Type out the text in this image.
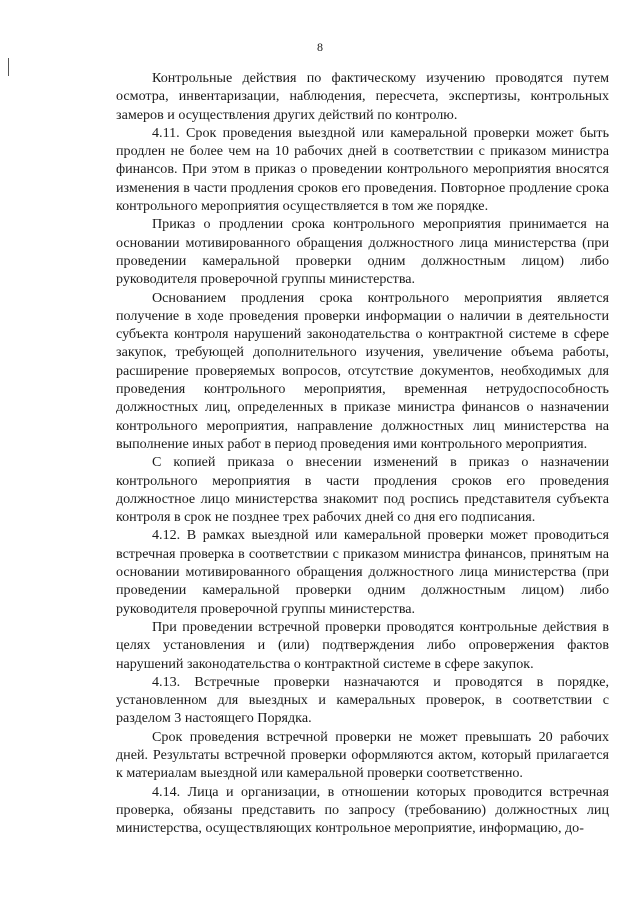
8

Контрольные действия по фактическому изучению проводятся путем осмотра, инвентаризации, наблюдения, пересчета, экспертизы, контрольных замеров и осуществления других действий по контролю.

4.11. Срок проведения выездной или камеральной проверки может быть продлен не более чем на 10 рабочих дней в соответствии с приказом министра финансов. При этом в приказ о проведении контрольного мероприятия вносятся изменения в части продления сроков его проведения. Повторное продление срока контрольного мероприятия осуществляется в том же порядке.

Приказ о продлении срока контрольного мероприятия принимается на основании мотивированного обращения должностного лица министерства (при проведении камеральной проверки одним должностным лицом) либо руководителя проверочной группы министерства.

Основанием продления срока контрольного мероприятия является получение в ходе проведения проверки информации о наличии в деятельности субъекта контроля нарушений законодательства о контрактной системе в сфере закупок, требующей дополнительного изучения, увеличение объема работы, расширение проверяемых вопросов, отсутствие документов, необходимых для проведения контрольного мероприятия, временная нетрудоспособность должностных лиц, определенных в приказе министра финансов о назначении контрольного мероприятия, направление должностных лиц министерства на выполнение иных работ в период проведения ими контрольного мероприятия.

С копией приказа о внесении изменений в приказ о назначении контрольного мероприятия в части продления сроков его проведения должностное лицо министерства знакомит под роспись представителя субъекта контроля в срок не позднее трех рабочих дней со дня его подписания.

4.12. В рамках выездной или камеральной проверки может проводиться встречная проверка в соответствии с приказом министра финансов, принятым на основании мотивированного обращения должностного лица министерства (при проведении камеральной проверки одним должностным лицом) либо руководителя проверочной группы министерства.

При проведении встречной проверки проводятся контрольные действия в целях установления и (или) подтверждения либо опровержения фактов нарушений законодательства о контрактной системе в сфере закупок.

4.13. Встречные проверки назначаются и проводятся в порядке, установленном для выездных и камеральных проверок, в соответствии с разделом 3 настоящего Порядка.

Срок проведения встречной проверки не может превышать 20 рабочих дней. Результаты встречной проверки оформляются актом, который прилагается к материалам выездной или камеральной проверки соответственно.

4.14. Лица и организации, в отношении которых проводится встречная проверка, обязаны представить по запросу (требованию) должностных лиц министерства, осуществляющих контрольное мероприятие, информацию, до-
